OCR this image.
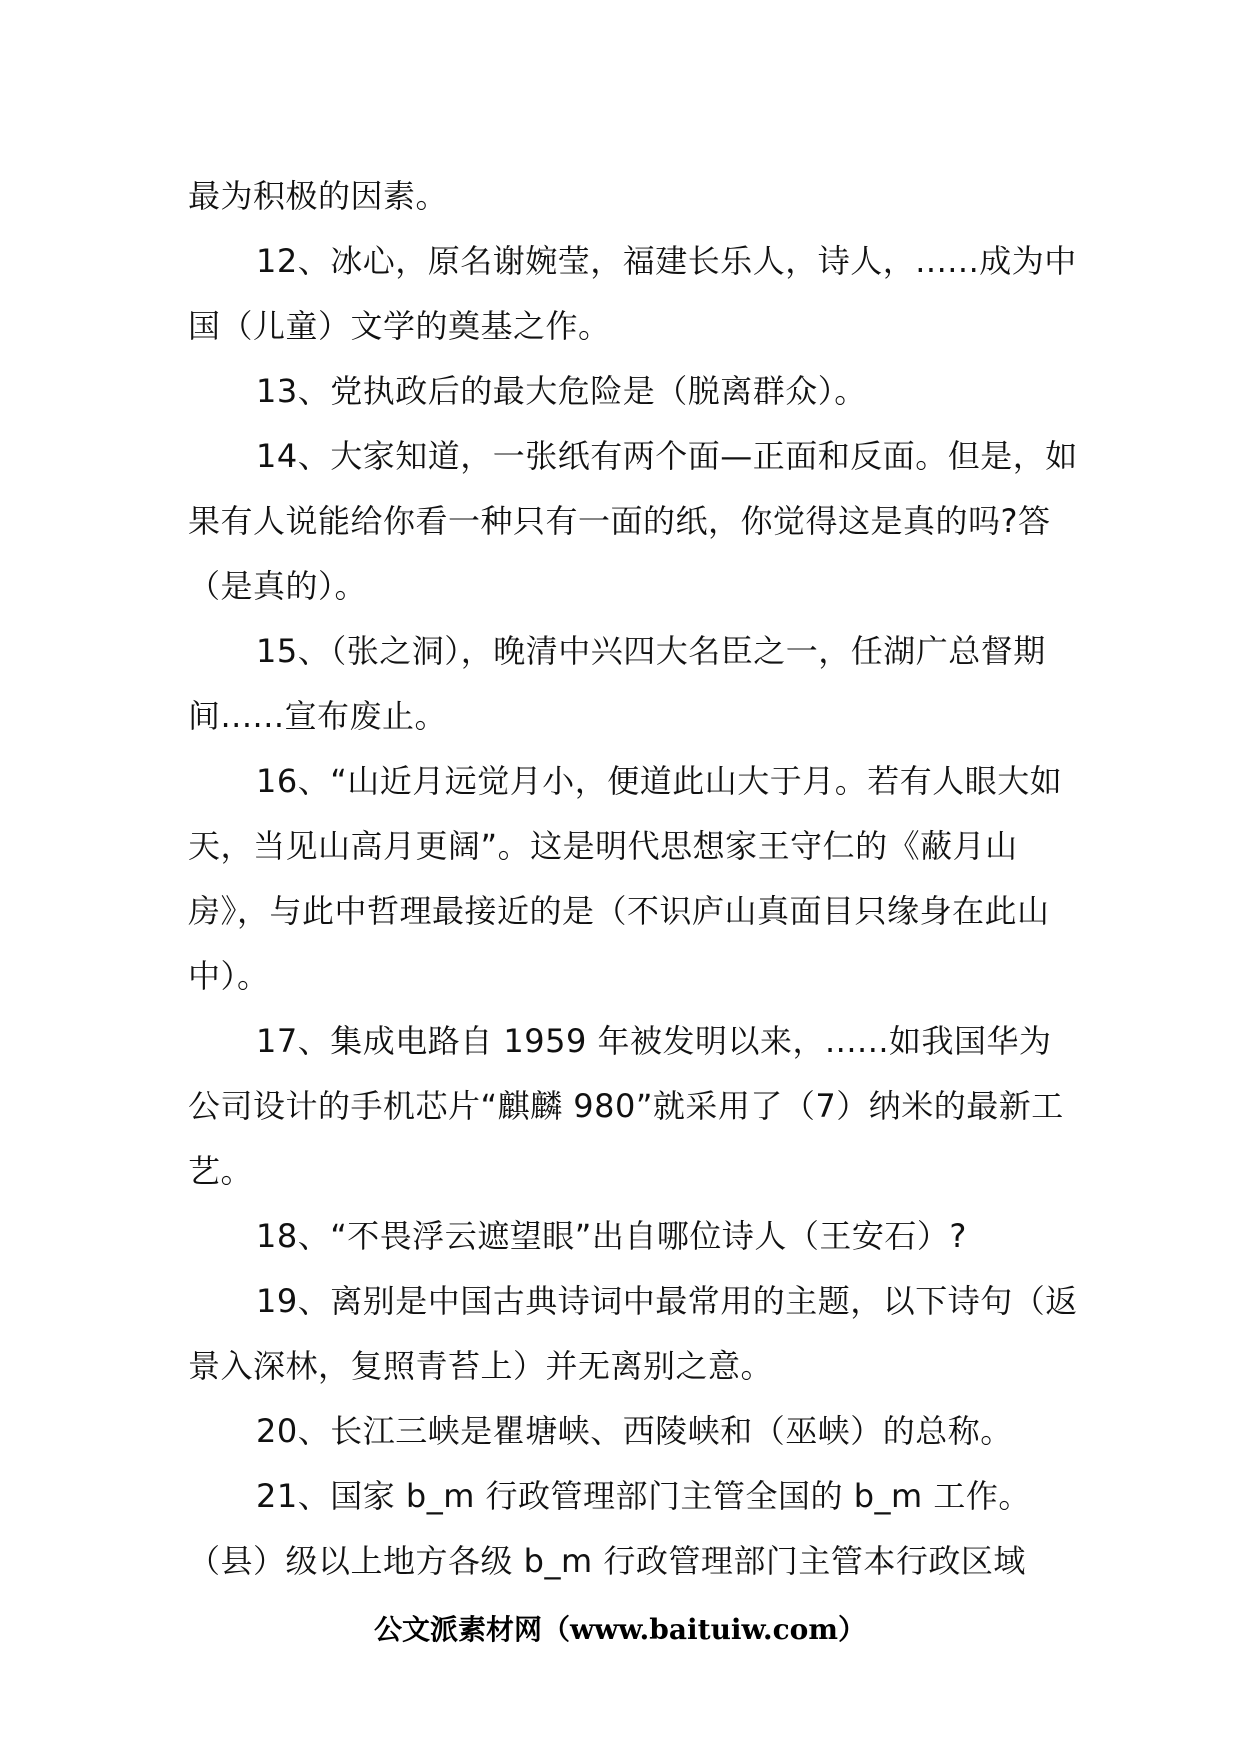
最为积极的因素。

12、冰心，原名谢婉莹，福建长乐人，诗人，......成为中国（儿童）文学的奠基之作。

13、党执政后的最大危险是（脱离群众）。

14、大家知道，一张纸有两个面—正面和反面。但是，如果有人说能给你看一种只有一面的纸，你觉得这是真的吗?答（是真的）。

15、（张之洞），晚清中兴四大名臣之一，任湖广总督期间......宣布废止。

16、“山近月远觉月小，便道此山大于月。若有人眼大如天，当见山高月更阔”。这是明代思想家王守仁的《蔽月山房》，与此中哲理最接近的是（不识庐山真面目只缘身在此山中）。

17、集成电路自 1959 年被发明以来，......如我国华为公司设计的手机芯片“麒麟 980”就采用了（7）纳米的最新工艺。

18、“不畏浮云遮望眼”出自哪位诗人（王安石）?

19、离别是中国古典诗词中最常用的主题，以下诗句（返景入深林，复照青苔上）并无离别之意。

20、长江三峡是瞿塘峡、西陵峡和（巫峡）的总称。

21、国家 b_m 行政管理部门主管全国的 b_m 工作。（县）级以上地方各级 b_m 行政管理部门主管本行政区域

公文派素材网（www.baituiw.com）
